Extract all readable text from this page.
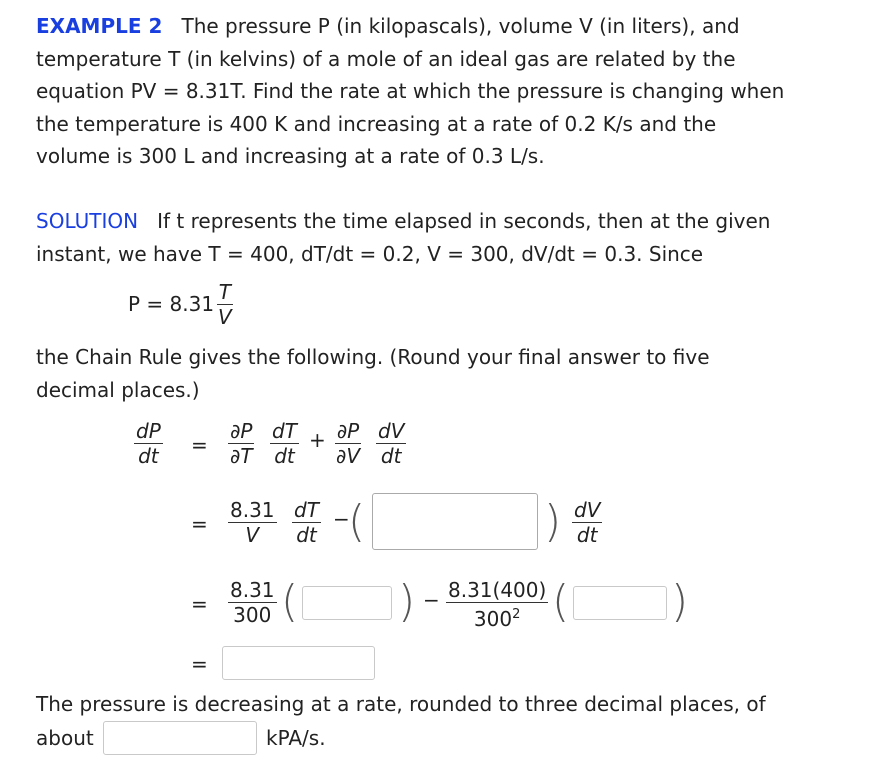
EXAMPLE 2 The pressure P (in kilopascals), volume V (in liters), and
temperature T (in kelvins) of a mole of an ideal gas are related by the
equation PV = 8.31T. Find the rate at which the pressure is changing when
the temperature is 400 K and increasing at a rate of 0.2 K/s and the
volume is 300 L and increasing at a rate of 0.3 L/s.
SOLUTION If t represents the time elapsed in seconds, then at the given
instant, we have T = 400, dT/dt = 0.2, V = 300, dV/dt = 0.3. Since
$P = 8.31 \frac{T}{V}$
the Chain Rule gives the following. (Round your final answer to five
decimal places.)
$\frac{dP}{dt} = \frac{\partial P}{\partial T} \frac{dT}{dt} + \frac{\partial P}{\partial V} \frac{dV}{dt}$
= $\frac{8.31}{V} \frac{dT}{dt}$ −
(	) $\frac{dV}{dt}$
= $\frac{8.31}{300}$ ( ) − $\frac{8.31(400)}{300^2}$ ( )
=
The pressure is decreasing at a rate, rounded to three decimal places, of
about	kPA/s.
